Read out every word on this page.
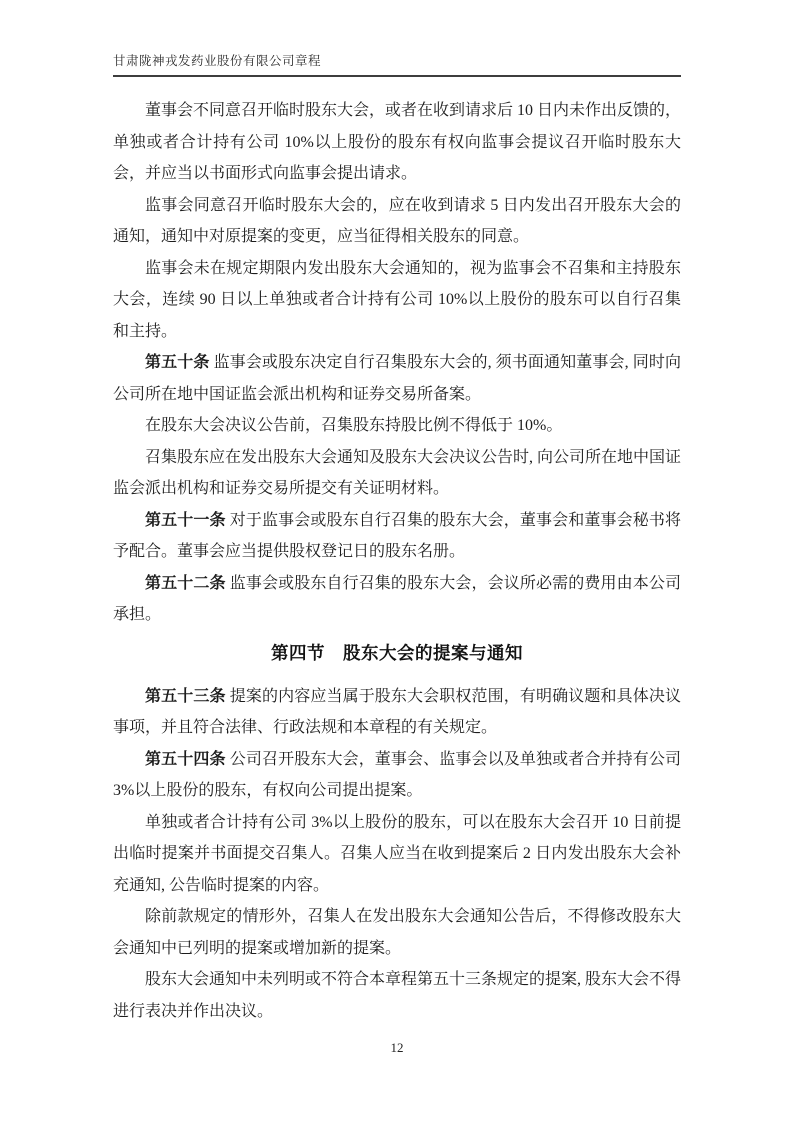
甘肃陇神戎发药业股份有限公司章程

董事会不同意召开临时股东大会，或者在收到请求后 10 日内未作出反馈的，单独或者合计持有公司 10%以上股份的股东有权向监事会提议召开临时股东大会，并应当以书面形式向监事会提出请求。

监事会同意召开临时股东大会的，应在收到请求 5 日内发出召开股东大会的通知，通知中对原提案的变更，应当征得相关股东的同意。

监事会未在规定期限内发出股东大会通知的，视为监事会不召集和主持股东大会，连续 90 日以上单独或者合计持有公司 10%以上股份的股东可以自行召集和主持。

第五十条 监事会或股东决定自行召集股东大会的, 须书面通知董事会, 同时向公司所在地中国证监会派出机构和证券交易所备案。

在股东大会决议公告前，召集股东持股比例不得低于 10%。

召集股东应在发出股东大会通知及股东大会决议公告时, 向公司所在地中国证监会派出机构和证券交易所提交有关证明材料。

第五十一条 对于监事会或股东自行召集的股东大会，董事会和董事会秘书将予配合。董事会应当提供股权登记日的股东名册。

第五十二条 监事会或股东自行召集的股东大会，会议所必需的费用由本公司承担。

第四节　股东大会的提案与通知

第五十三条 提案的内容应当属于股东大会职权范围，有明确议题和具体决议事项，并且符合法律、行政法规和本章程的有关规定。

第五十四条 公司召开股东大会，董事会、监事会以及单独或者合并持有公司 3%以上股份的股东，有权向公司提出提案。

单独或者合计持有公司 3%以上股份的股东，可以在股东大会召开 10 日前提出临时提案并书面提交召集人。召集人应当在收到提案后 2 日内发出股东大会补充通知, 公告临时提案的内容。

除前款规定的情形外，召集人在发出股东大会通知公告后，不得修改股东大会通知中已列明的提案或增加新的提案。

股东大会通知中未列明或不符合本章程第五十三条规定的提案, 股东大会不得进行表决并作出决议。

12
